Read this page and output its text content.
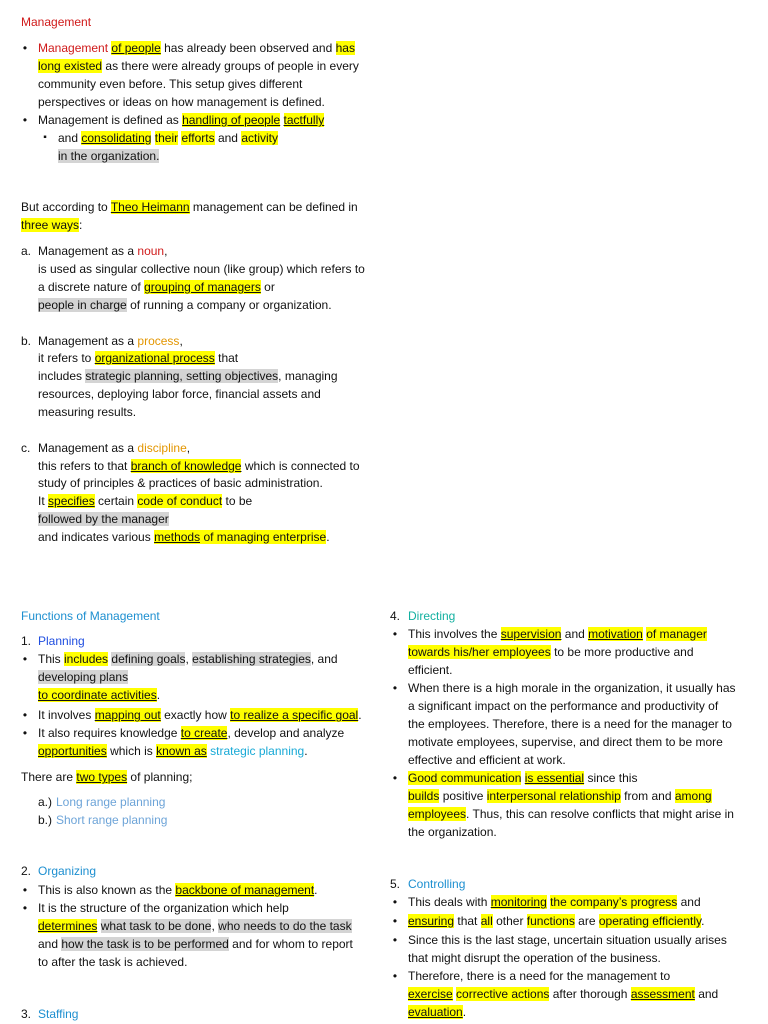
Management

• Management of people has already been observed and has

long existed as there were already groups of people in every

community even before. This setup gives different

perspectives or ideas on how management is defined.

• Management is defined as handling of people tactfully

▪ and consolidating their efforts and activity

in the organization.

But according to Theo Heimann management can be defined in

three ways:

a. Management as a noun,

is used as singular collective noun (like group) which refers to

a discrete nature of grouping of managers or

people in charge of running a company or organization.

b. Management as a process,

it refers to organizational process that

includes strategic planning, setting objectives, managing

resources, deploying labor force, financial assets and

measuring results.

c. Management as a discipline,

this refers to that branch of knowledge which is connected to

study of principles & practices of basic administration.

It specifies certain code of conduct to be

followed by the manager

and indicates various methods of managing enterprise.

Functions of Management

1. Planning

• This includes defining goals, establishing strategies, and

developing plans

to coordinate activities.

• It involves mapping out exactly how to realize a specific goal.

• It also requires knowledge to create, develop and analyze

opportunities which is known as strategic planning.

There are two types of planning;

a.) Long range planning

b.) Short range planning

2. Organizing

• This is also known as the backbone of management.

• It is the structure of the organization which help

determines what task to be done, who needs to do the task

and how the task is to be performed and for whom to report

to after the task is achieved.

3. Staffing

4. Directing

• This involves the supervision and motivation of manager

towards his/her employees to be more productive and

efficient.

• When there is a high morale in the organization, it usually has

a significant impact on the performance and productivity of

the employees. Therefore, there is a need for the manager to

motivate employees, supervise, and direct them to be more

effective and efficient at work.

• Good communication is essential since this

builds positive interpersonal relationship from and among

employees. Thus, this can resolve conflicts that might arise in

the organization.

5. Controlling

• This deals with monitoring the company’s progress and

• ensuring that all other functions are operating efficiently.

• Since this is the last stage, uncertain situation usually arises

that might disrupt the operation of the business.

• Therefore, there is a need for the management to

exercise corrective actions after thorough assessment and

evaluation.
